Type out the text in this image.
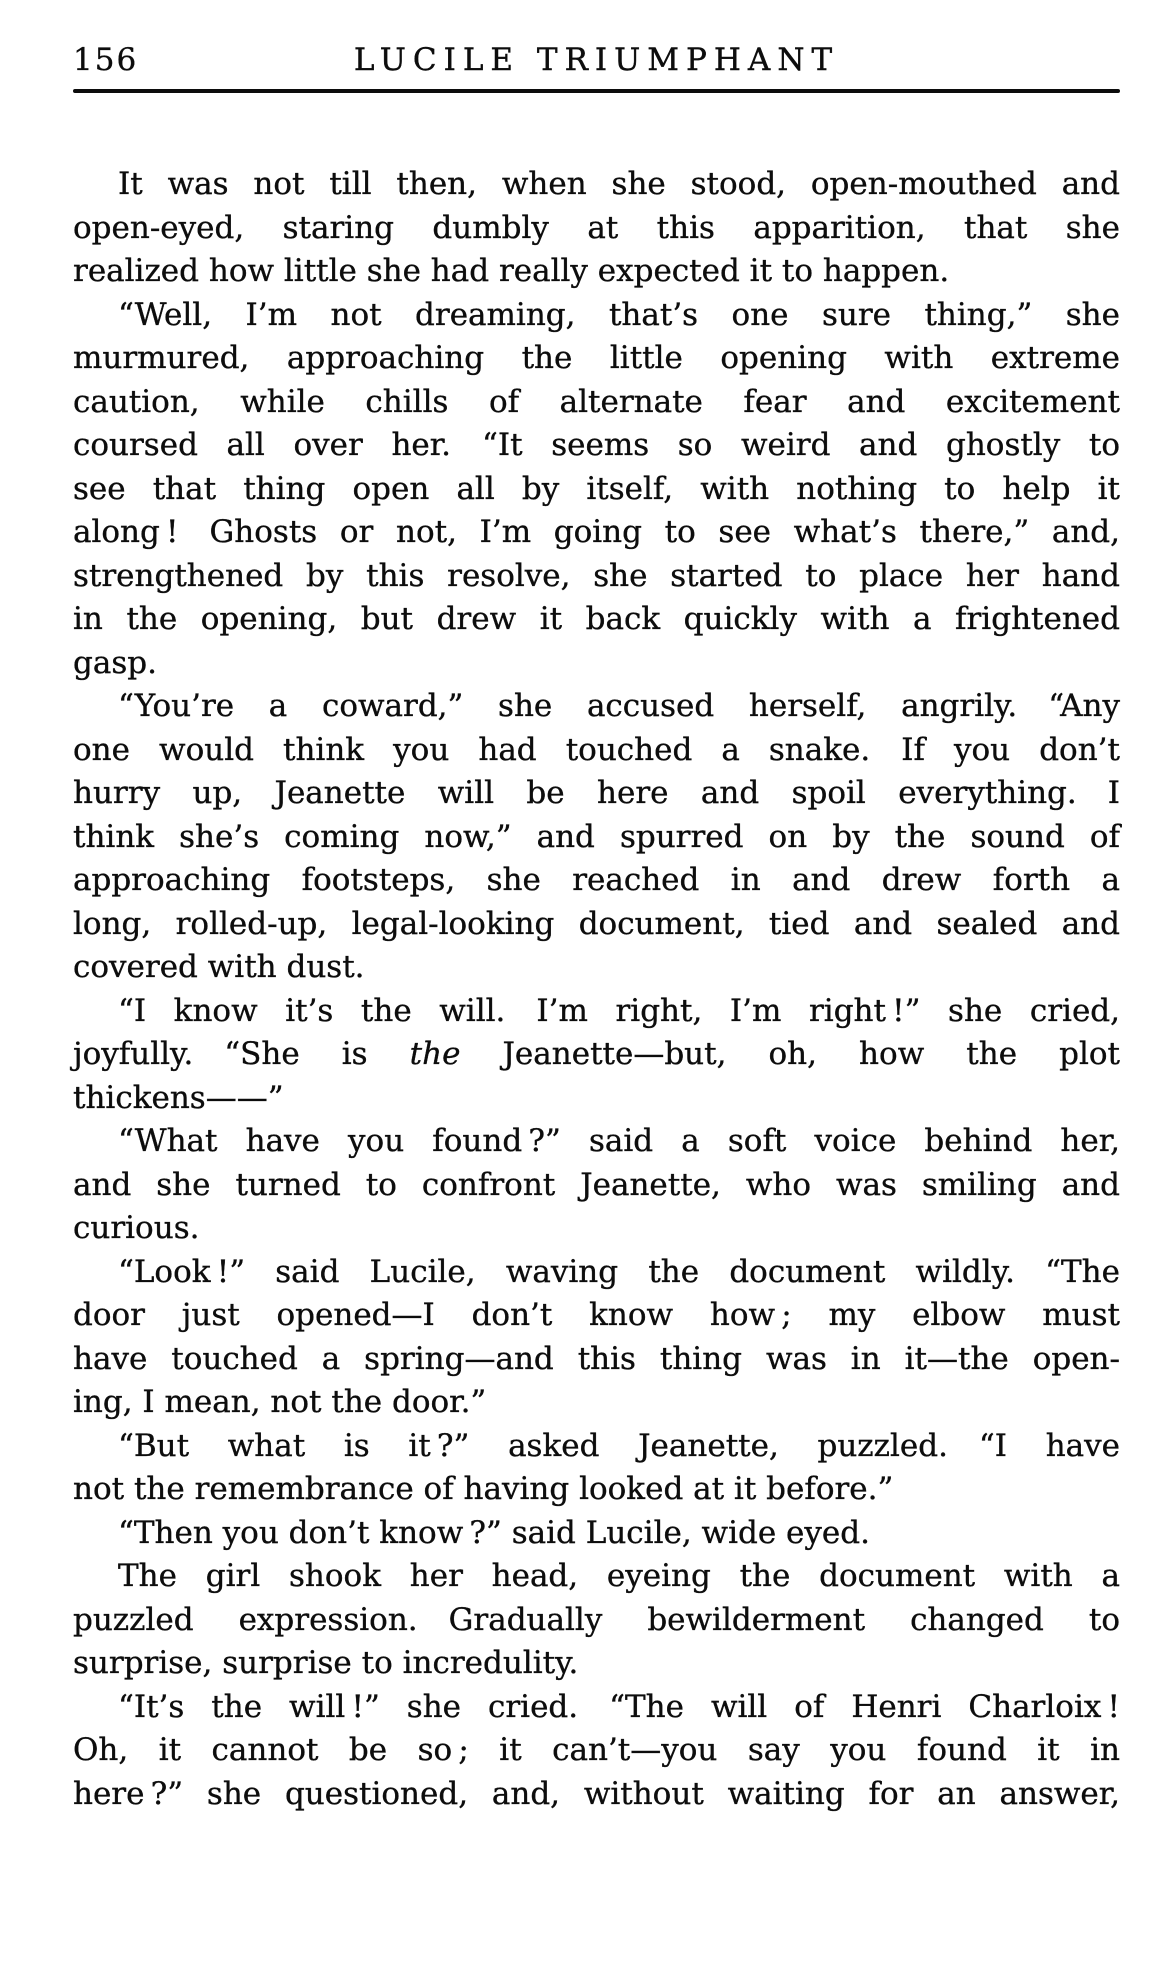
156	LUCILE TRIUMPHANT
It was not till then, when she stood, open-mouthed and
open-eyed, staring dumbly at this apparition, that she
realized how little she had really expected it to happen.
“Well, I’m not dreaming, that’s one sure thing,” she
murmured, approaching the little opening with extreme
caution, while chills of alternate fear and excitement
coursed all over her. “It seems so weird and ghostly to
see that thing open all by itself, with nothing to help it
along ! Ghosts or not, I’m going to see what’s there,” and,
strengthened by this resolve, she started to place her hand
in the opening, but drew it back quickly with a frightened
gasp.
“You’re a coward,” she accused herself, angrily. “Any
one would think you had touched a snake. If you don’t
hurry up, Jeanette will be here and spoil everything. I
think she’s coming now,” and spurred on by the sound of
approaching footsteps, she reached in and drew forth a
long, rolled-up, legal-looking document, tied and sealed and
covered with dust.
“I know it’s the will. I’m right, I’m right !” she cried,
joyfully. “She is the Jeanette—but, oh, how the plot
thickens——”
“What have you found ?” said a soft voice behind her,
and she turned to confront Jeanette, who was smiling and
curious.
“Look !” said Lucile, waving the document wildly. “The
door just opened—I don’t know how ; my elbow must
have touched a spring—and this thing was in it—the open-
ing, I mean, not the door.”
“But what is it ?” asked Jeanette, puzzled. “I have
not the remembrance of having looked at it before.”
“Then you don’t know ?” said Lucile, wide eyed.
The girl shook her head, eyeing the document with a
puzzled expression. Gradually bewilderment changed to
surprise, surprise to incredulity.
“It’s the will !” she cried. “The will of Henri Charloix !
Oh, it cannot be so ; it can’t—you say you found it in
here ?” she questioned, and, without waiting for an answer,
